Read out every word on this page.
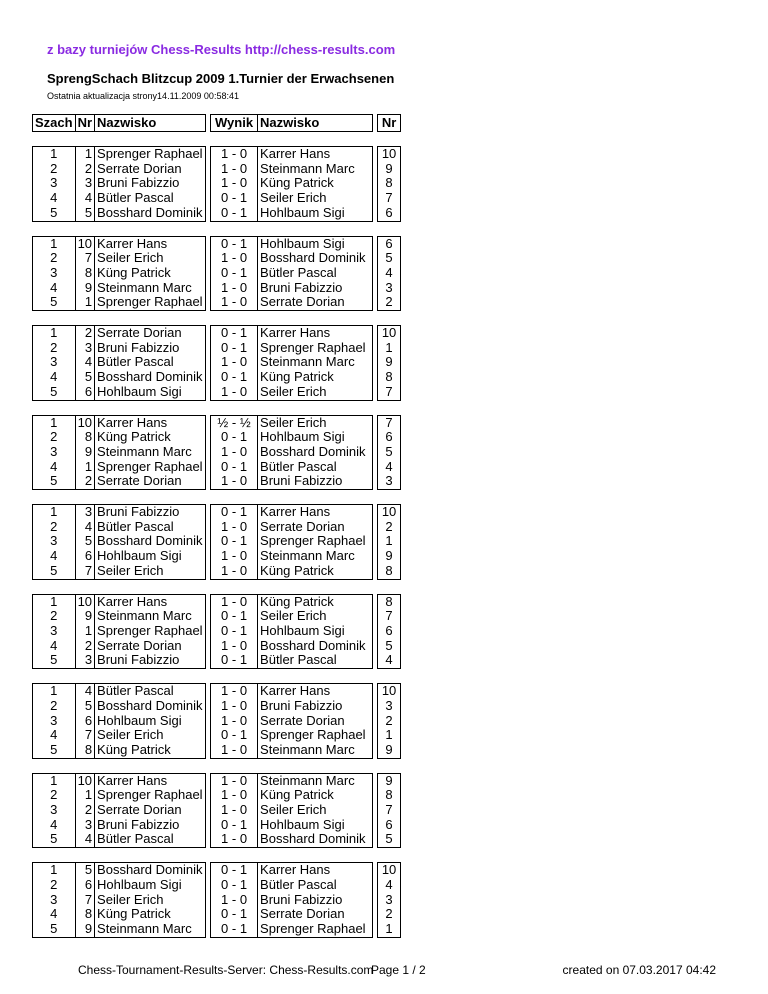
z bazy turniejów Chess-Results http://chess-results.com
SprengSchach Blitzcup 2009 1.Turnier der Erwachsenen
Ostatnia aktualizacja strony14.11.2009 00:58:41
Szach	Nr	Nazwisko		Wynik	Nazwisko		Nr

1	1	Sprenger Raphael		1 - 0	Karrer Hans		10
2	2	Serrate Dorian		1 - 0	Steinmann Marc		9
3	3	Bruni Fabizzio		1 - 0	Küng Patrick		8
4	4	Bütler Pascal		0 - 1	Seiler Erich		7
5	5	Bosshard Dominik		0 - 1	Hohlbaum Sigi		6

1	10	Karrer Hans		0 - 1	Hohlbaum Sigi		6
2	7	Seiler Erich		1 - 0	Bosshard Dominik		5
3	8	Küng Patrick		0 - 1	Bütler Pascal		4
4	9	Steinmann Marc		1 - 0	Bruni Fabizzio		3
5	1	Sprenger Raphael		1 - 0	Serrate Dorian		2

1	2	Serrate Dorian		0 - 1	Karrer Hans		10
2	3	Bruni Fabizzio		0 - 1	Sprenger Raphael		1
3	4	Bütler Pascal		1 - 0	Steinmann Marc		9
4	5	Bosshard Dominik		0 - 1	Küng Patrick		8
5	6	Hohlbaum Sigi		1 - 0	Seiler Erich		7

1	10	Karrer Hans		½ - ½	Seiler Erich		7
2	8	Küng Patrick		0 - 1	Hohlbaum Sigi		6
3	9	Steinmann Marc		1 - 0	Bosshard Dominik		5
4	1	Sprenger Raphael		0 - 1	Bütler Pascal		4
5	2	Serrate Dorian		1 - 0	Bruni Fabizzio		3

1	3	Bruni Fabizzio		0 - 1	Karrer Hans		10
2	4	Bütler Pascal		1 - 0	Serrate Dorian		2
3	5	Bosshard Dominik		0 - 1	Sprenger Raphael		1
4	6	Hohlbaum Sigi		1 - 0	Steinmann Marc		9
5	7	Seiler Erich		1 - 0	Küng Patrick		8

1	10	Karrer Hans		1 - 0	Küng Patrick		8
2	9	Steinmann Marc		0 - 1	Seiler Erich		7
3	1	Sprenger Raphael		0 - 1	Hohlbaum Sigi		6
4	2	Serrate Dorian		1 - 0	Bosshard Dominik		5
5	3	Bruni Fabizzio		0 - 1	Bütler Pascal		4

1	4	Bütler Pascal		1 - 0	Karrer Hans		10
2	5	Bosshard Dominik		1 - 0	Bruni Fabizzio		3
3	6	Hohlbaum Sigi		1 - 0	Serrate Dorian		2
4	7	Seiler Erich		0 - 1	Sprenger Raphael		1
5	8	Küng Patrick		1 - 0	Steinmann Marc		9

1	10	Karrer Hans		1 - 0	Steinmann Marc		9
2	1	Sprenger Raphael		1 - 0	Küng Patrick		8
3	2	Serrate Dorian		1 - 0	Seiler Erich		7
4	3	Bruni Fabizzio		0 - 1	Hohlbaum Sigi		6
5	4	Bütler Pascal		1 - 0	Bosshard Dominik		5

1	5	Bosshard Dominik		0 - 1	Karrer Hans		10
2	6	Hohlbaum Sigi		0 - 1	Bütler Pascal		4
3	7	Seiler Erich		1 - 0	Bruni Fabizzio		3
4	8	Küng Patrick		0 - 1	Serrate Dorian		2
5	9	Steinmann Marc		0 - 1	Sprenger Raphael		1
Chess-Tournament-Results-Server: Chess-Results.com
Page 1 / 2	created on 07.03.2017 04:42
